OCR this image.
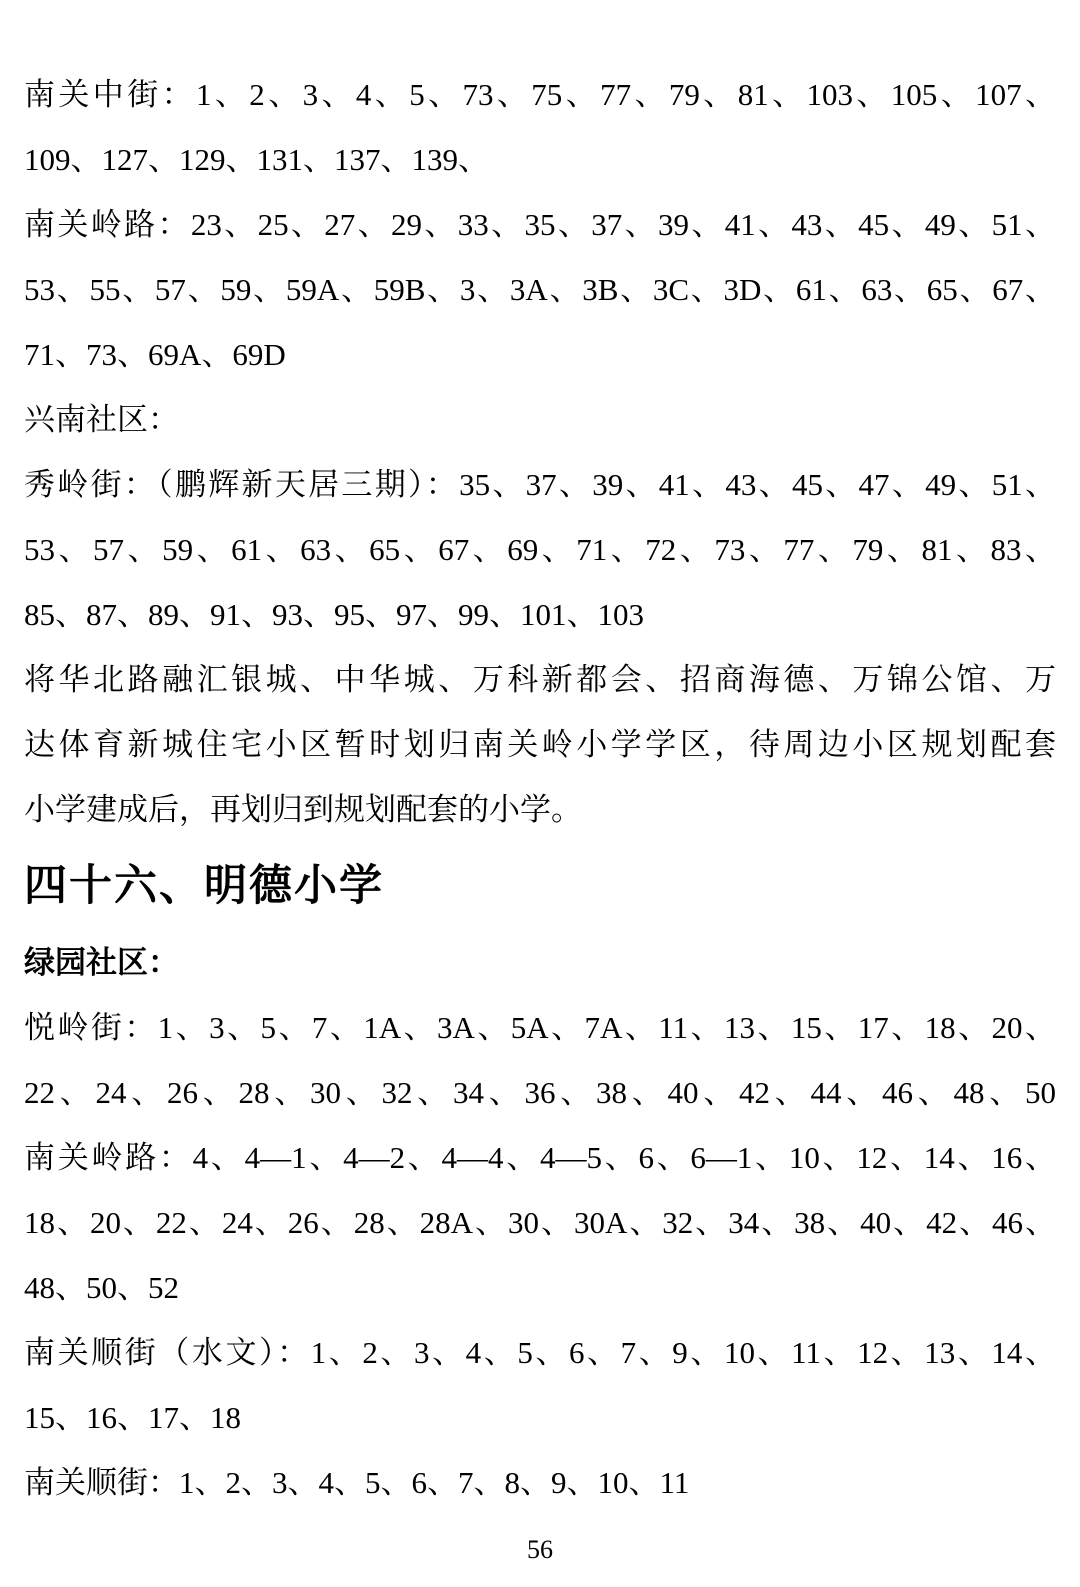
南关中街：1、2、3、4、5、73、75、77、79、81、103、105、107、
109、127、129、131、137、139、
南关岭路：23、25、27、29、33、35、37、39、41、43、45、49、51、
53、55、57、59、59A、59B、3、3A、3B、3C、3D、61、63、65、67、
71、73、69A、69D
兴南社区：
秀岭街：（鹏辉新天居三期）：35、37、39、41、43、45、47、49、51、
53、57、59、61、63、65、67、69、71、72、73、77、79、81、83、
85、87、89、91、93、95、97、99、101、103
将华北路融汇银城、中华城、万科新都会、招商海德、万锦公馆、万
达体育新城住宅小区暂时划归南关岭小学学区，待周边小区规划配套
小学建成后，再划归到规划配套的小学。
四十六、明德小学
绿园社区：
悦岭街：1、3、5、7、1A、3A、5A、7A、11、13、15、17、18、20、
22、24、26、28、30、32、34、36、38、40、42、44、46、48、50
南关岭路：4、4—1、4—2、4—4、4—5、6、6—1、10、12、14、16、
18、20、22、24、26、28、28A、30、30A、32、34、38、40、42、46、
48、50、52
南关顺街（水文）：1、2、3、4、5、6、7、9、10、11、12、13、14、
15、16、17、18
南关顺街：1、2、3、4、5、6、7、8、9、10、11
56
